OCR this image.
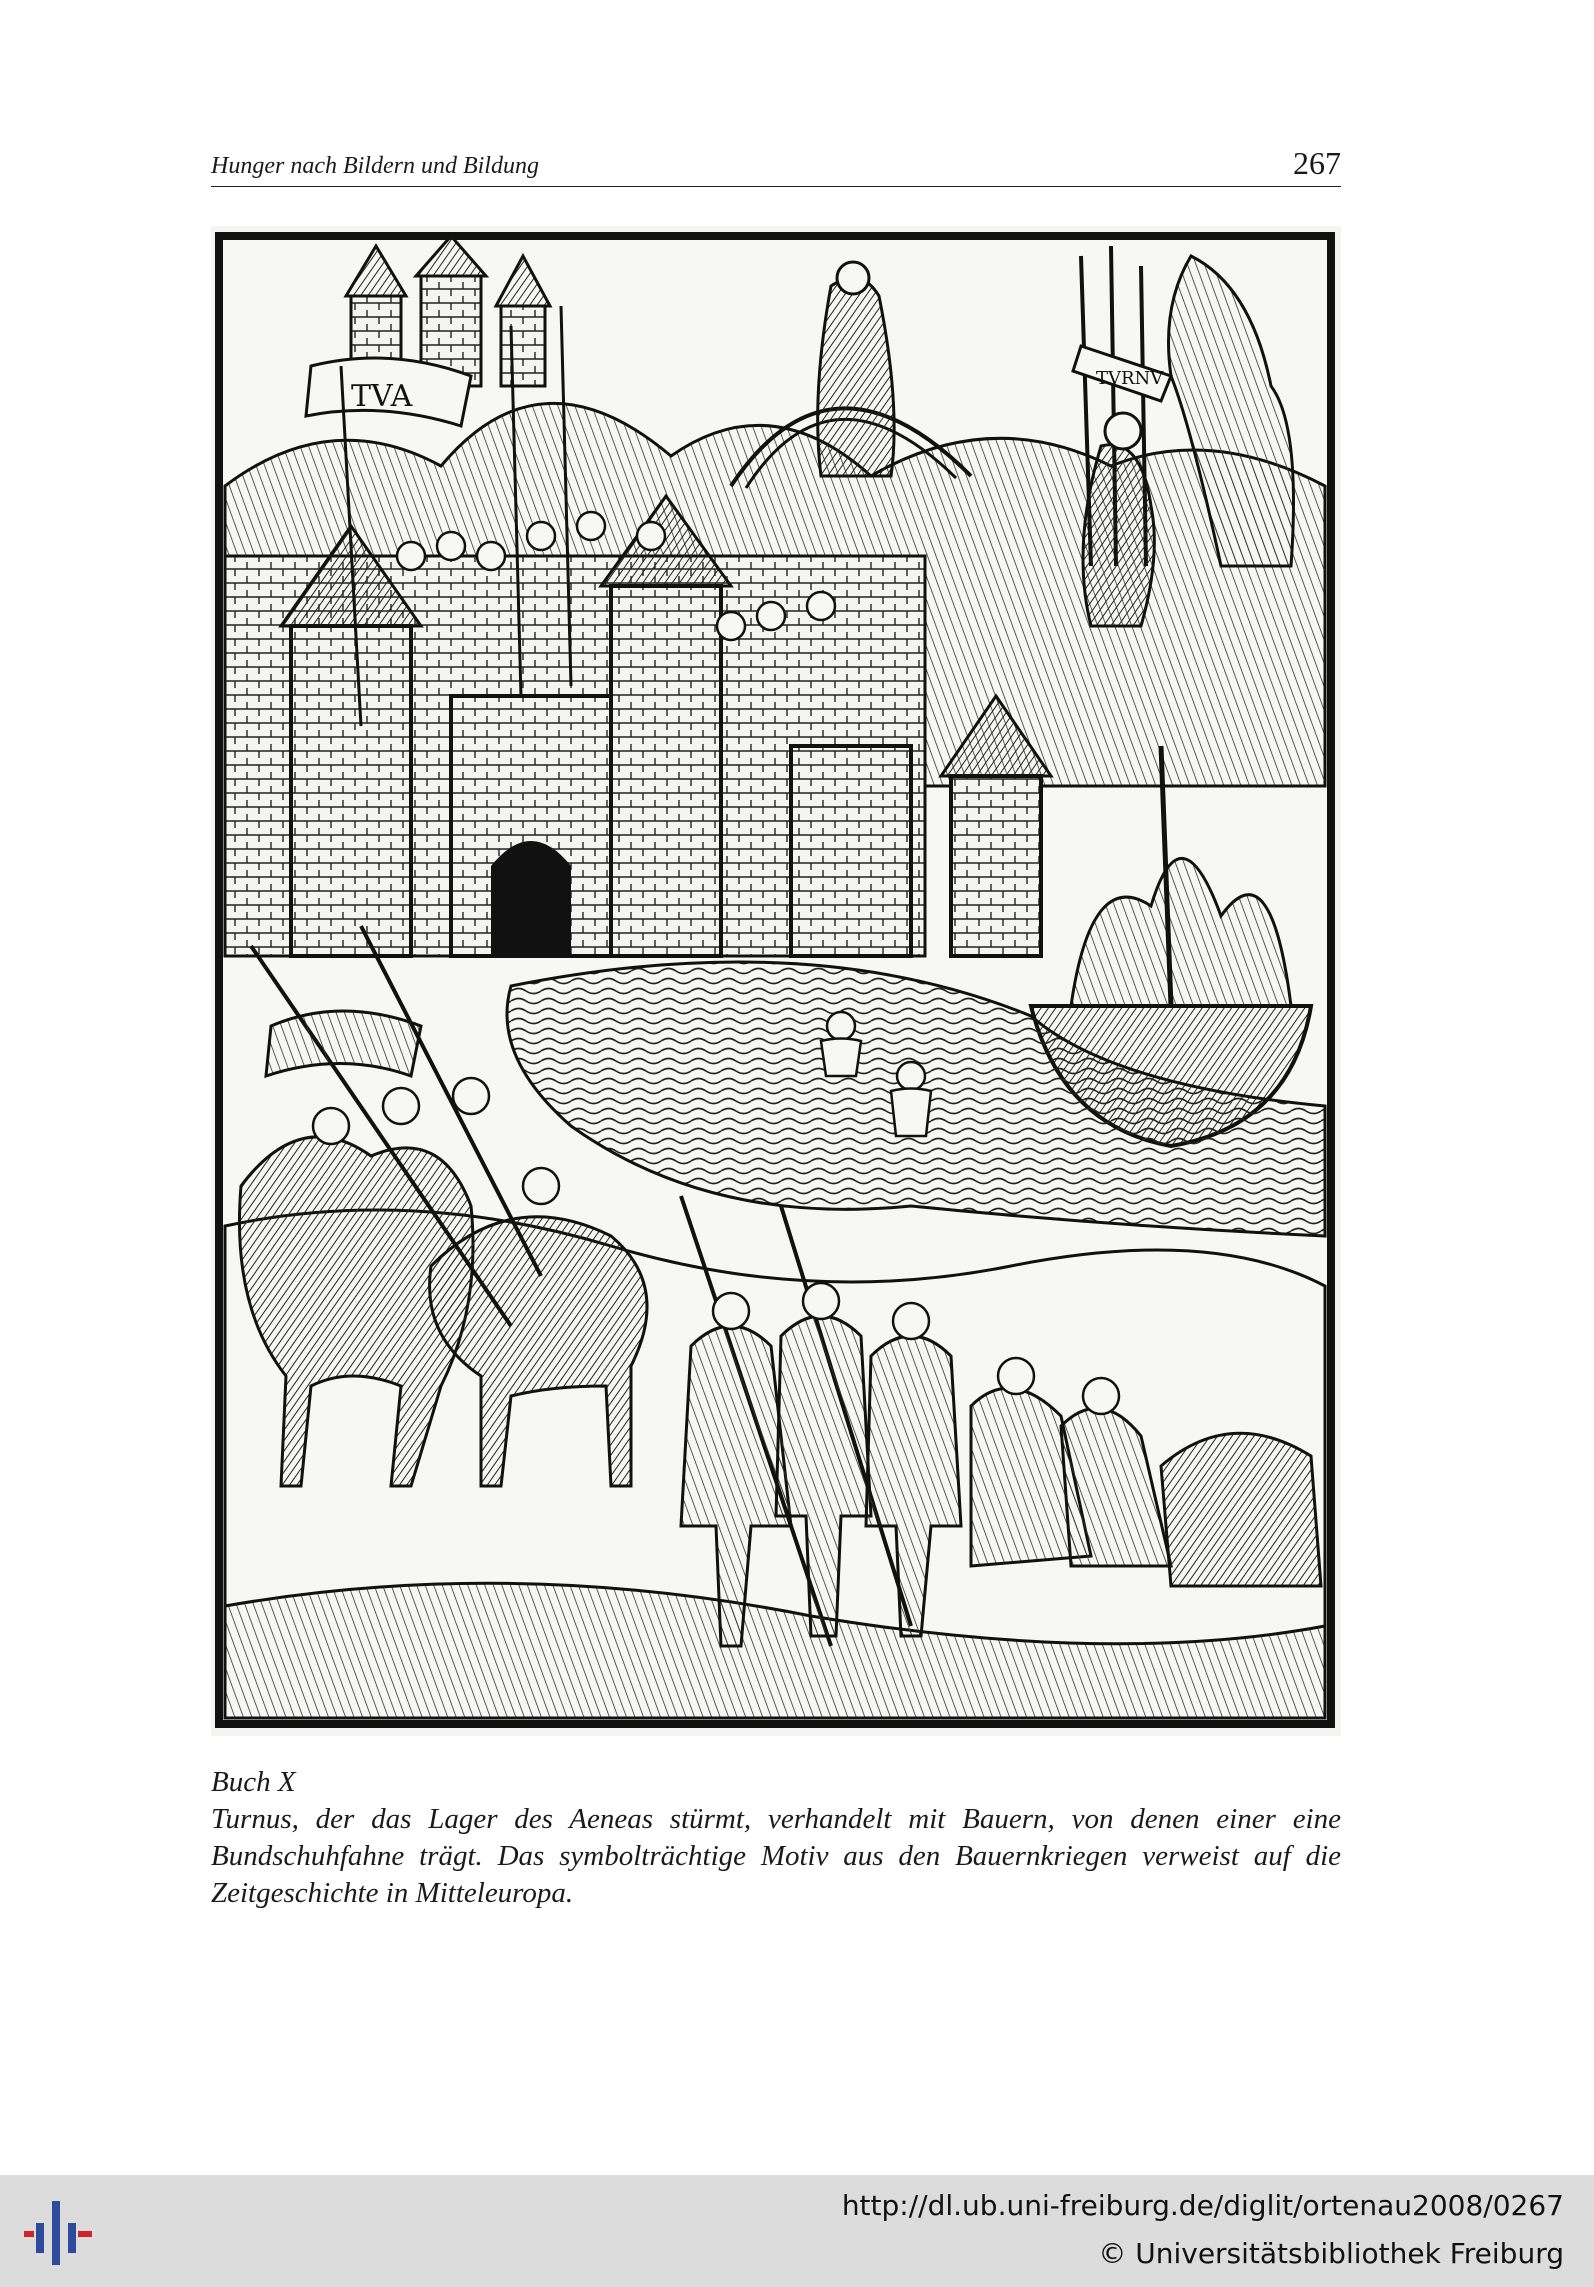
Hunger nach Bildern und Bildung	267
TVRNV
TVA
Buch X
Turnus, der das Lager des Aeneas stürmt, verhandelt mit Bauern, von denen einer eine Bundschuhfahne trägt. Das symbolträchtige Motiv aus den Bauernkriegen verweist auf die Zeitgeschichte in Mitteleuropa.
http://dl.ub.uni-freiburg.de/diglit/ortenau2008/0267
© Universitätsbibliothek Freiburg
